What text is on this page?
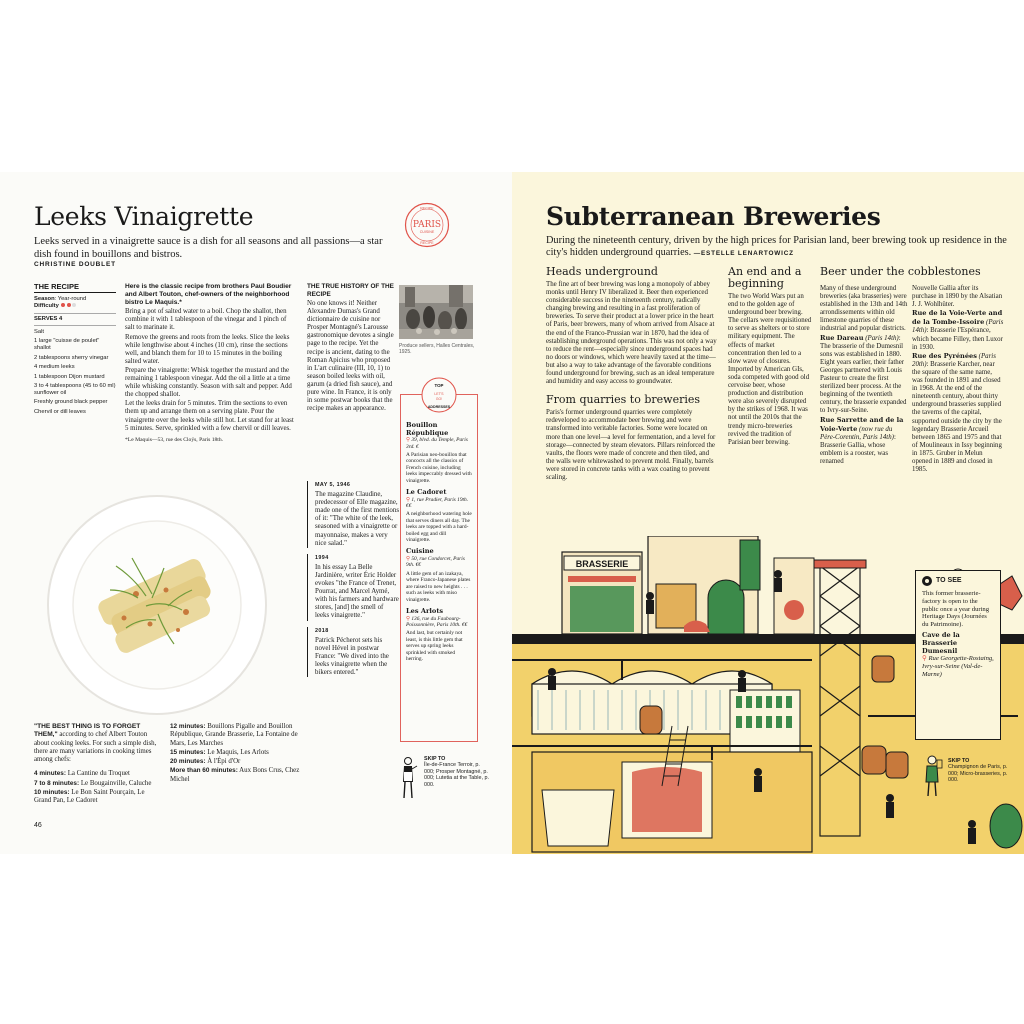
Leeks Vinaigrette

Leeks served in a vinaigrette sauce is a dish for all seasons and all passions—a star dish found in bouillons and bistros.

CHRISTINE DOUBLET
RECIPE
PARIS
CUISINE
RECIPE
THE RECIPE
Season: Year-round
Difficulty
SERVES 4
Salt
1 large "cuisse de poulet" shallot
2 tablespoons sherry vinegar
4 medium leeks
1 tablespoon Dijon mustard
3 to 4 tablespoons (45 to 60 ml) sunflower oil
Freshly ground black pepper
Chervil or dill leaves

Here is the classic recipe from brothers Paul Boudier and Albert Touton, chef-owners of the neighborhood bistro Le Maquis.*

Bring a pot of salted water to a boil. Chop the shallot, then combine it with 1 tablespoon of the vinegar and 1 pinch of salt to marinate it.

Remove the greens and roots from the leeks. Slice the leeks while lengthwise about 4 inches (10 cm), rinse the sections well, and blanch them for 10 to 15 minutes in the boiling salted water.

Prepare the vinaigrette: Whisk together the mustard and the remaining 1 tablespoon vinegar. Add the oil a little at a time while whisking constantly. Season with salt and pepper. Add the chopped shallot.

Let the leeks drain for 5 minutes. Trim the sections to even them up and arrange them on a serving plate. Pour the vinaigrette over the leeks while still hot. Let stand for at least 5 minutes. Serve, sprinkled with a few chervil or dill leaves.

*Le Maquis—53, rue des Cloÿs, Paris 18th.

THE TRUE HISTORY OF THE RECIPE
No one knows it! Neither Alexandre Dumas's Grand dictionnaire de cuisine nor Prosper Montagné's Larousse gastronomique devotes a single page to the recipe. Yet the recipe is ancient, dating to the Roman Apicius who proposed in L'art culinaire (III, 10, 1) to season boiled leeks with oil, garum (a dried fish sauce), and pure wine. In France, it is only in some postwar books that the recipe makes an appearance.
MAY 5, 1946
The magazine Claudine, predecessor of Elle magazine, made one of the first mentions of it: "The white of the leek, seasoned with a vinaigrette or mayonnaise, makes a very nice salad."
1994
In his essay La Belle Jardinière, writer Éric Holder evokes "the France of Trenet, Pourrat, and Marcel Aymé, with his farmers and hardware stores, [and] the smell of leeks vinaigrette."
2018
Patrick Pécherot sets his novel Hével in postwar France: "We dived into the leeks vinaigrette when the bikers entered."
Produce sellers, Halles Centrales, 1925.
Bouillon République
⚲ 39, blvd. du Temple, Paris 3rd. €
A Parisian neo-bouillon that concocts all the classics of French cuisine, including leeks impeccably dressed with vinaigrette.
Le Cadoret
⚲ 1, rue Pradier, Paris 19th. €€
A neighborhood watering hole that serves diners all day. The leeks are topped with a hard-boiled egg and dill vinaigrette.
Cuisine
⚲ 50, rue Condorcet, Paris 9th. €€
A little gem of an izakaya, where Franco-Japanese plates are raised to new heights . . . such as leeks with miso vinaigrette.
Les Arlots
⚲ 136, rue du Faubourg-Poissonnière, Paris 10th. €€
And last, but certainly not least, is this little gem that serves up spring leeks sprinkled with smoked herring.
TOP
LET'S
GO!
ADDRESSES
"THE BEST THING IS TO FORGET THEM," according to chef Albert Touton about cooking leeks. For such a simple dish, there are many variations in cooking times among chefs:
4 minutes: La Cantine du Troquet
7 to 8 minutes: Le Bougainville, Caluche
10 minutes: Le Bon Saint Pourçain, Le Grand Pan, Le Cadoret
12 minutes: Bouillons Pigalle and Bouillon République, Grande Brasserie, La Fontaine de Mars, Les Marches
15 minutes: Le Maquis, Les Arlots
20 minutes: À l'Épi d'Or
More than 60 minutes: Aux Bons Crus, Chez Michel
SKIP TO
Île-de-France Terroir, p. 000; Prosper Montagné, p. 000; Lutetia at the Table, p. 000.
46
Subterranean Breweries

During the nineteenth century, driven by the high prices for Parisian land, beer brewing took up residence in the city's hidden underground quarries. —ESTELLE LENARTOWICZ

Heads underground

The fine art of beer brewing was long a monopoly of abbey monks until Henry IV liberalized it. Beer then experienced considerable success in the nineteenth century, radically changing brewing and resulting in a fast proliferation of breweries. To serve their product at a lower price in the heart of Paris, beer brewers, many of whom arrived from Alsace at the end of the Franco-Prussian war in 1870, had the idea of establishing underground operations. This was not only a way to reduce the rent—especially since underground spaces had no doors or windows, which were heavily taxed at the time—but also a way to take advantage of the favorable conditions found underground for brewing, such as an ideal temperature and humidity and easy access to groundwater.

From quarries to breweries

Paris's former underground quarries were completely redeveloped to accommodate beer brewing and were transformed into veritable factories. Some were located on more than one level—a level for fermentation, and a level for storage—connected by steam elevators. Pillars reinforced the vaults, the floors were made of concrete and then tiled, and the walls were whitewashed to prevent mold. Finally, barrels were stored in concrete tanks with a wax coating to prevent scaling.

An end and a beginning

The two World Wars put an end to the golden age of underground beer brewing. The cellars were requisitioned to serve as shelters or to store military equipment. The effects of market concentration then led to a slow wave of closures. Imported by American GIs, soda competed with good old cervoise beer, whose production and distribution were also severely disrupted by the strikes of 1968. It was not until the 2010s that the trendy micro-breweries revived the tradition of Parisian beer brewing.

Beer under the cobblestones

Many of these underground breweries (aka brasseries) were established in the 13th and 14th arrondissements within old limestone quarries of these industrial and popular districts.

Rue Dareau (Paris 14th): The brasserie of the Dumesnil sons was established in 1880. Eight years earlier, their father Georges partnered with Louis Pasteur to create the first sterilized beer process. At the beginning of the twentieth century, the brasserie expanded to Ivry-sur-Seine.

Rue Sarrette and de la Voie-Verte (now rue du Père-Corentin, Paris 14th): Brasserie Gallia, whose emblem is a rooster, was renamed

Nouvelle Gallia after its purchase in 1890 by the Alsatian J. J. Wohlhüter.

Rue de la Voie-Verte and de la Tombe-Issoire (Paris 14th): Brasserie l'Espérance, which became Filley, then Luxor in 1930.

Rue des Pyrénées (Paris 20th): Brasserie Karcher, near the square of the same name, was founded in 1891 and closed in 1968. At the end of the nineteenth century, about thirty underground brasseries supplied the taverns of the capital, supported outside the city by the legendary Brasserie Arcueil between 1865 and 1975 and that of Moulineaux in Issy beginning in 1875. Gruber in Melun opened in 1889 and closed in 1985.

BRASSERIE
TO SEE
This former brasserie-factory is open to the public once a year during Heritage Days (Journées du Patrimoine).
Cave de la Brasserie Dumesnil
⚲ Rue Georgette-Rostaing, Ivry-sur-Seine (Val-de-Marne)
SKIP TO
Champignon de Paris, p. 000; Micro-brasseries, p. 000.
